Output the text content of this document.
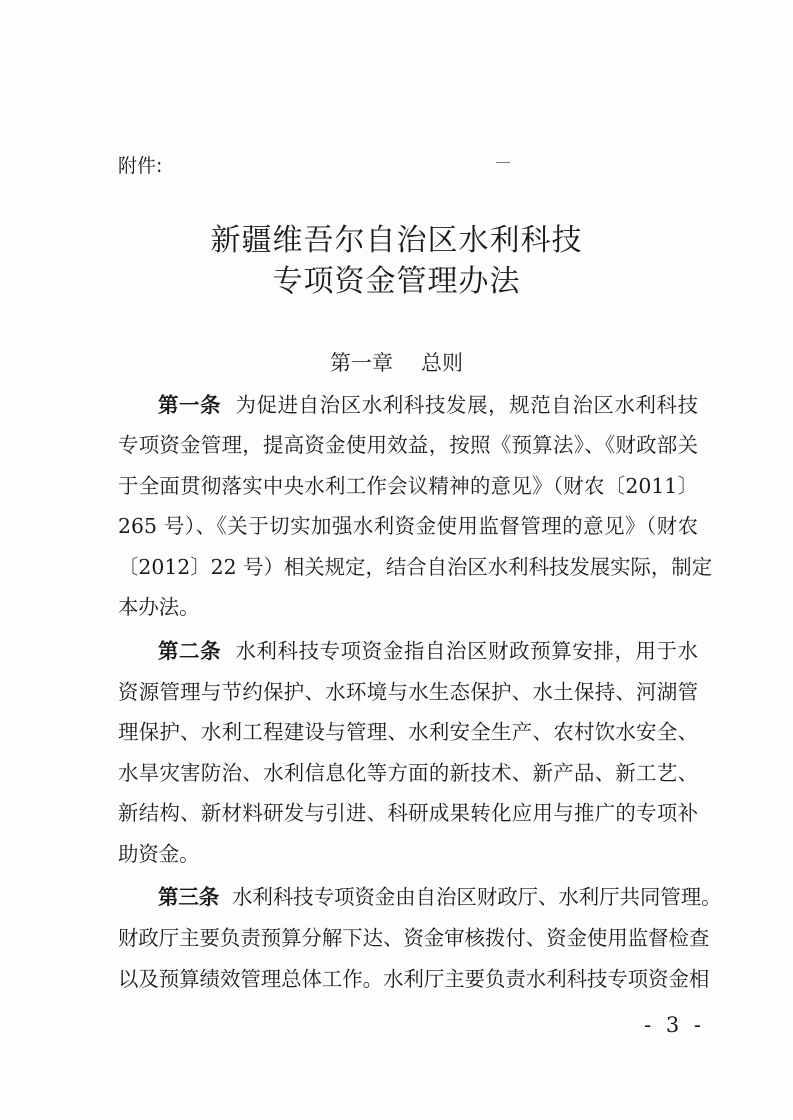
附件:
新疆维吾尔自治区水利科技
专项资金管理办法
第一章 总则
第一条 为促进自治区水利科技发展，规范自治区水利科技
专项资金管理，提高资金使用效益，按照《预算法》、《财政部关
于全面贯彻落实中央水利工作会议精神的意见》（财农〔2011〕
265 号）、《关于切实加强水利资金使用监督管理的意见》（财农
〔2012〕22 号）相关规定，结合自治区水利科技发展实际，制定
本办法。
第二条 水利科技专项资金指自治区财政预算安排，用于水
资源管理与节约保护、水环境与水生态保护、水土保持、河湖管
理保护、水利工程建设与管理、水利安全生产、农村饮水安全、
水旱灾害防治、水利信息化等方面的新技术、新产品、新工艺、
新结构、新材料研发与引进、科研成果转化应用与推广的专项补
助资金。
第三条 水利科技专项资金由自治区财政厅、水利厅共同管理。
财政厅主要负责预算分解下达、资金审核拨付、资金使用监督检查
以及预算绩效管理总体工作。水利厅主要负责水利科技专项资金相
- 3 -
